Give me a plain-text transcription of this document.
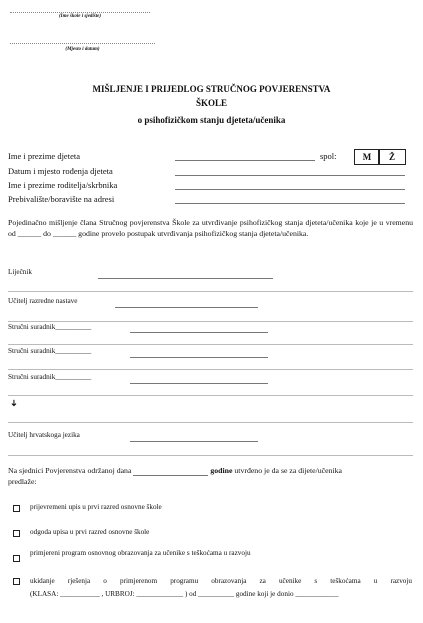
(Ime škole i sjedište)
(Mjesto i datum)
MIŠLJENJE I PRIJEDLOG STRUČNOG POVJERENSTVA
ŠKOLE
o psihofizičkom stanju djeteta/učenika
Ime i prezime djeteta	spol:	M	Ž
Datum i mjesto rođenja djeteta
Ime i prezime roditelja/skrbnika
Prebivalište/boravište na adresi
Pojedinačno mišljenje člana Stručnog povjerenstva Škole za utvrđivanje psihofizičkog stanja djeteta/učenika koje je u vremenu od ______ do ______ godine provelo postupak utvrđivanja psihofizičkog stanja djeteta/učenika.
Liječnik
Učitelj razredne nastave
Stručni suradnik__________
Stručni suradnik__________
Stručni suradnik__________
➜
Učitelj hrvatskoga jezika
Na sjednici Povjerenstva održanoj dana	godine utvrđeno je da se za dijete/učenika
predlaže:
prijevremeni upis u prvi razred osnovne škole
odgoda upisa u prvi razred osnovne škole
primjereni program osnovnog obrazovanja za učenike s teškoćama u razvoju
ukidanje rješenja o primjerenom programu obrazovanja za učenike s teškoćama u razvoju
(KLASA: ___________ , URBROJ: _____________ ) od __________ godine koji je donio ____________
